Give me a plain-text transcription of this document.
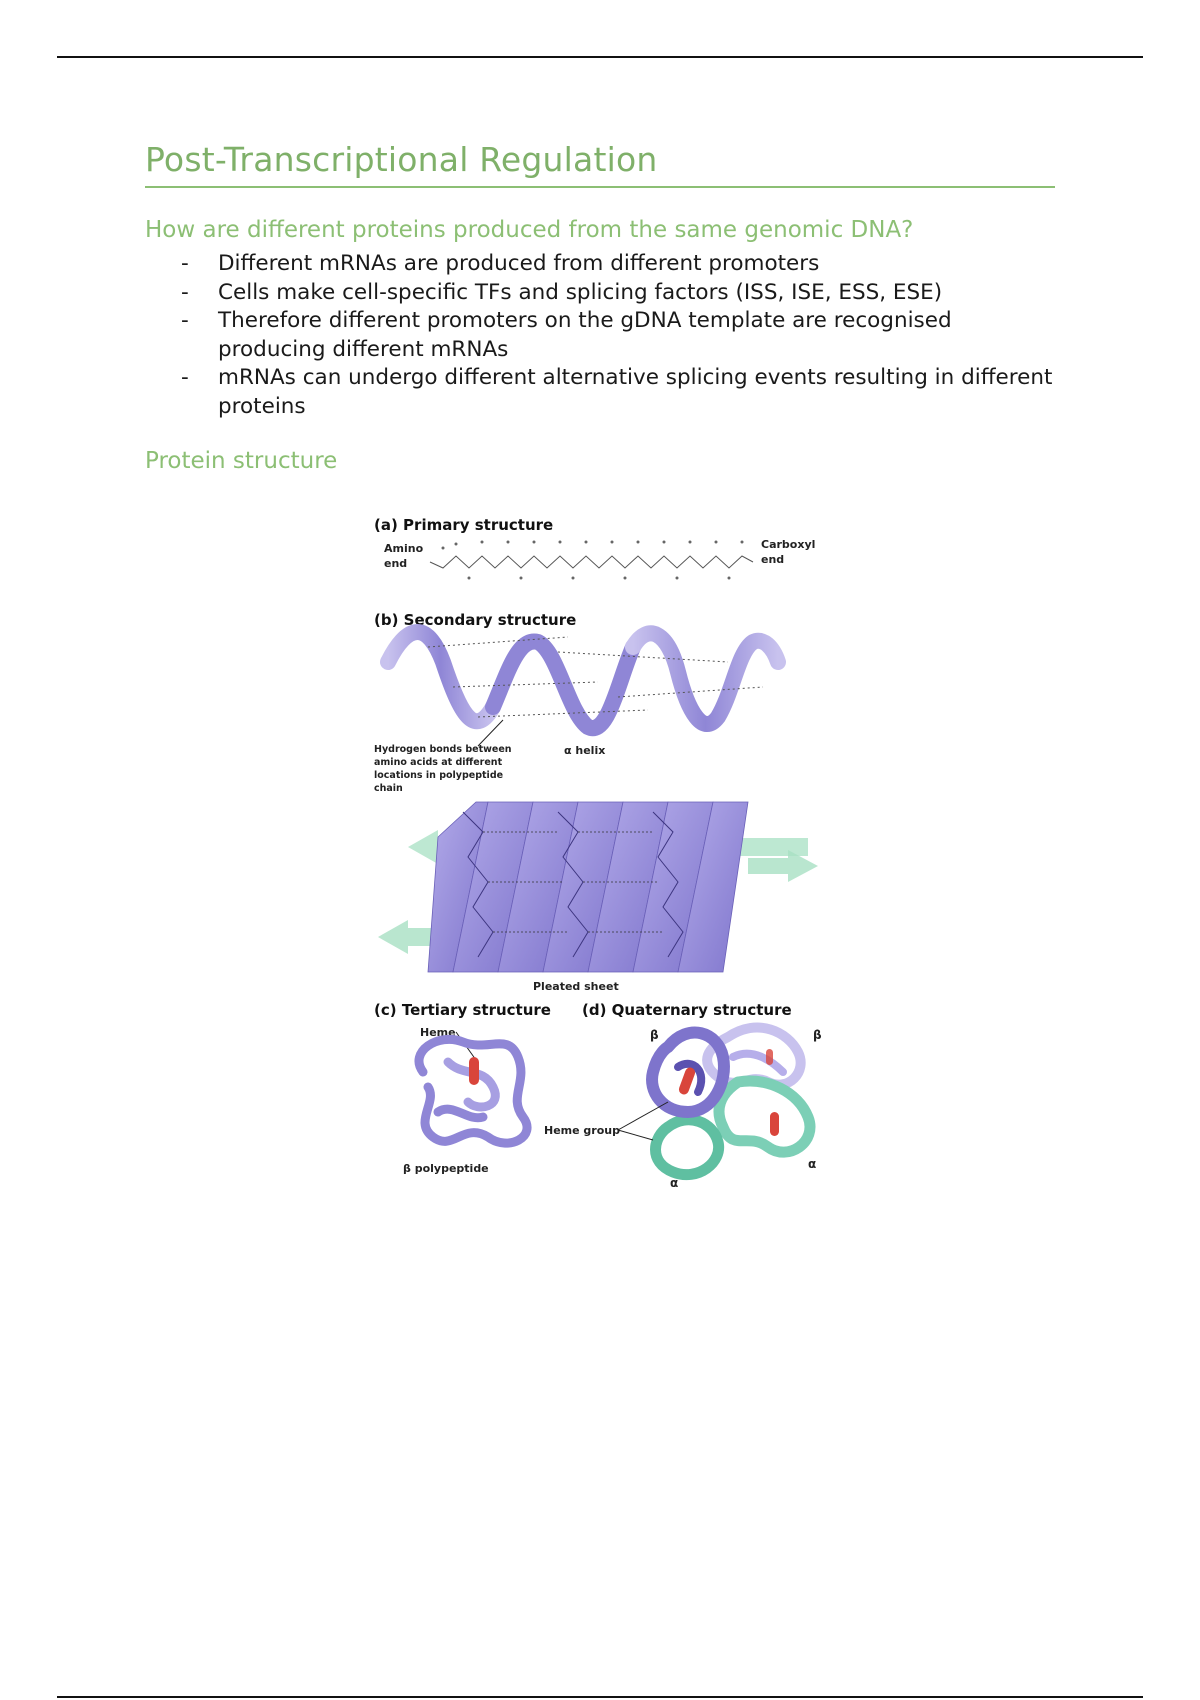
Post-Transcriptional Regulation
How are different proteins produced from the same genomic DNA?
- Different mRNAs are produced from different promoters
- Cells make cell-specific TFs and splicing factors (ISS, ISE, ESS, ESE)
- Therefore different promoters on the gDNA template are recognised producing different mRNAs
- mRNAs can undergo different alternative splicing events resulting in different proteins
Protein structure
(a) Primary structure
Amino
end
Carboxyl
end
(b) Secondary structure
Hydrogen bonds between
amino acids at different
locations in polypeptide
chain
α helix
Pleated sheet
(c) Tertiary structure
Heme
β polypeptide
(d) Quaternary structure
β	β
Heme group
α
α
